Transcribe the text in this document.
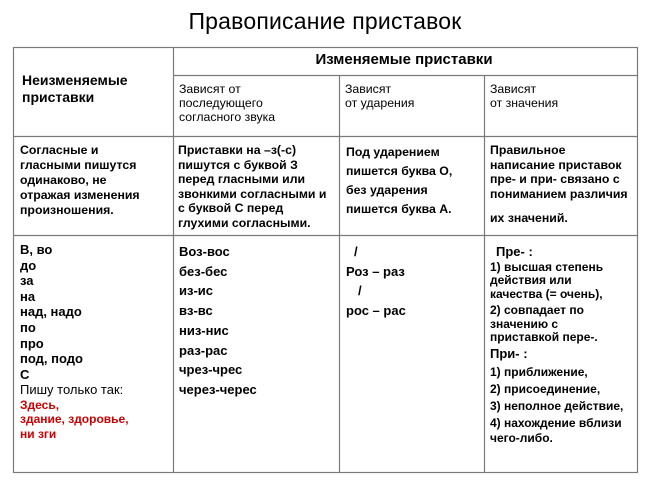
Правописание приставок
Неизменяемые
приставки
Изменяемые приставки
Зависят от
последующего
согласного звука
Зависят
от ударения
Зависят
от значения
Согласные и
гласными пишутся
одинаково, не
отражая изменения
произношения.
Приставки на –з(-с)
пишутся с буквой З
перед гласными или
звонкими согласными и
с буквой С перед
глухими согласными.
Под ударением
пишется буква О,
без ударения
пишется буква А.
Правильное
написание приставок
пре- и при- связано с
пониманием различия
их значений.
В, во
до
за
на
над, надо
по
про
под, подо
С
Пишу только так:
Здесь,
здание, здоровье,
ни зги
Воз-вос
без-бес
из-ис
вз-вс
низ-нис
раз-рас
чрез-чрес
через-черес
/
Роз – раз
/
рос – рас
Пре- :
1) высшая степень
действия или
качества (= очень),
2) совпадает по
значению с
приставкой пере-.
При- :
1) приближение,
2) присоединение,
3) неполное действие,
4) нахождение вблизи
чего-либо.
